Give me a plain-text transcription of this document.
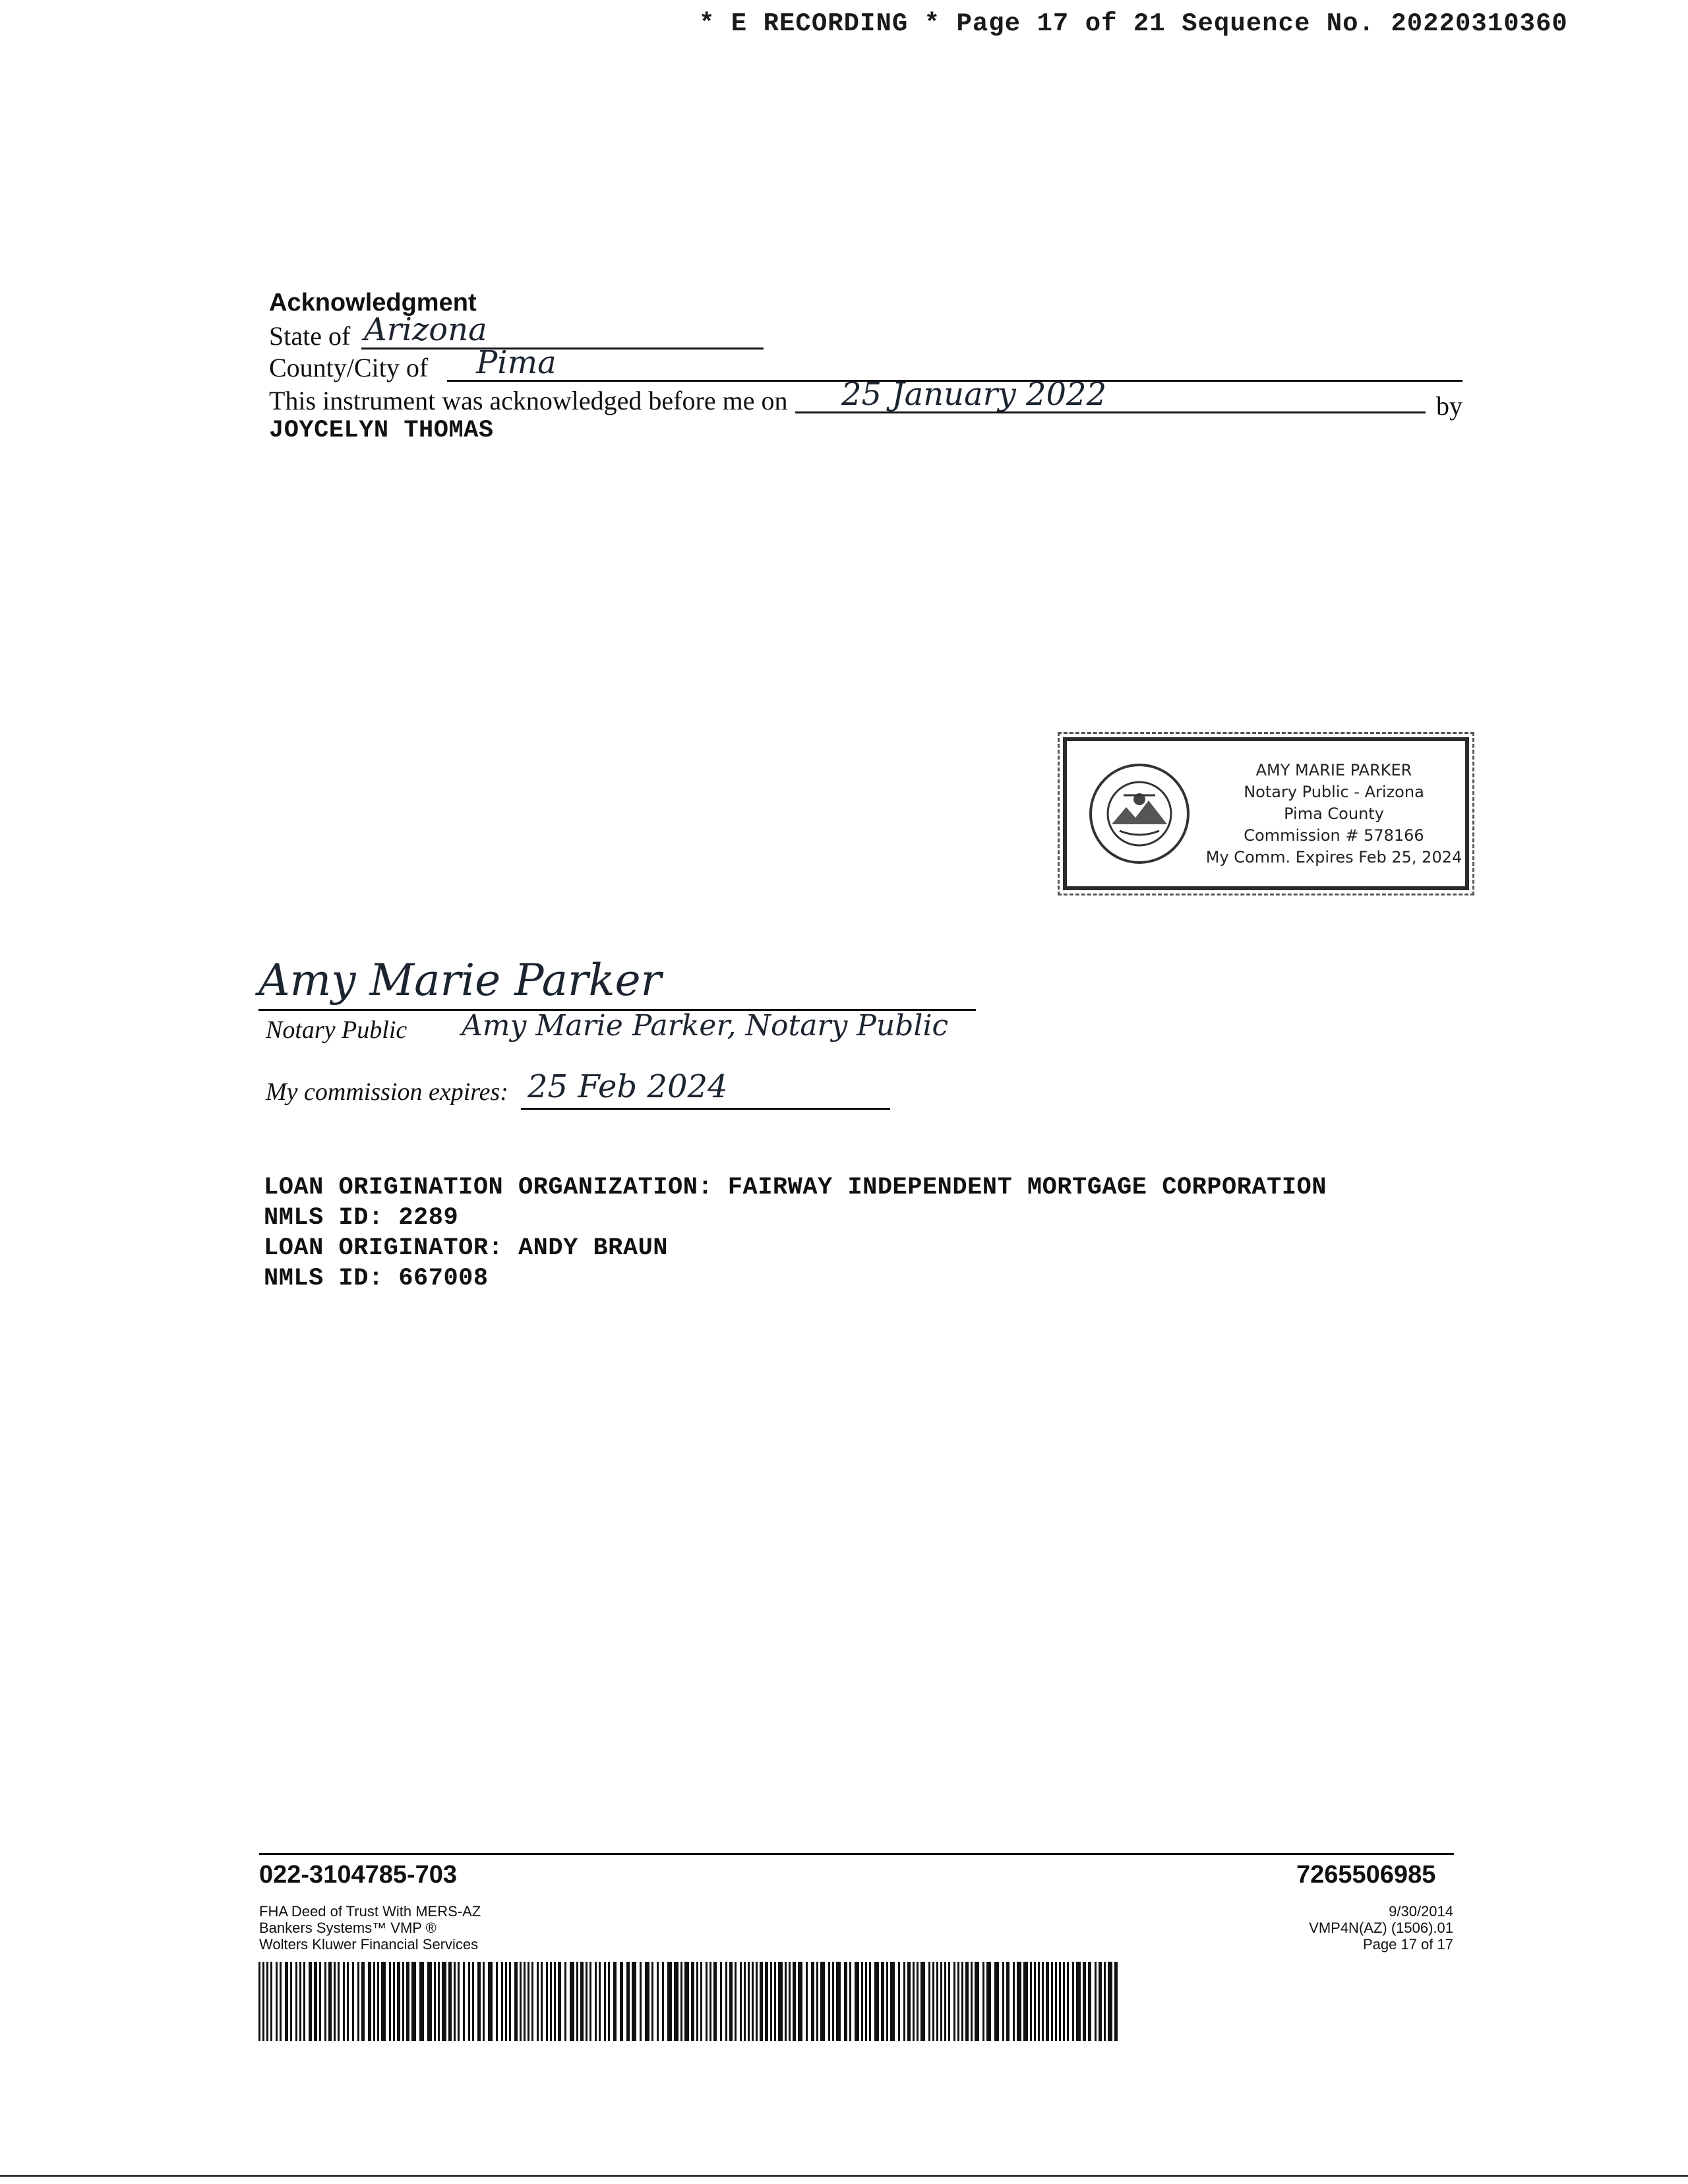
* E RECORDING * Page 17 of 21 Sequence No. 20220310360
Acknowledgment
State of Arizona
County/City of Pima
This instrument was acknowledged before me on 25 January 2022	by
JOYCELYN THOMAS
AMY MARIE PARKER
Notary Public - Arizona
Pima County
Commission # 578166
My Comm. Expires Feb 25, 2024
Amy Marie Parker
Notary Public Amy Marie Parker, Notary Public
My commission expires: 25 Feb 2024
LOAN ORIGINATION ORGANIZATION: FAIRWAY INDEPENDENT MORTGAGE CORPORATION
NMLS ID: 2289
LOAN ORIGINATOR: ANDY BRAUN
NMLS ID: 667008
022-3104785-703	7265506985
FHA Deed of Trust With MERS-AZ
Bankers Systems™ VMP ®
Wolters Kluwer Financial Services
9/30/2014
VMP4N(AZ) (1506).01
Page 17 of 17
